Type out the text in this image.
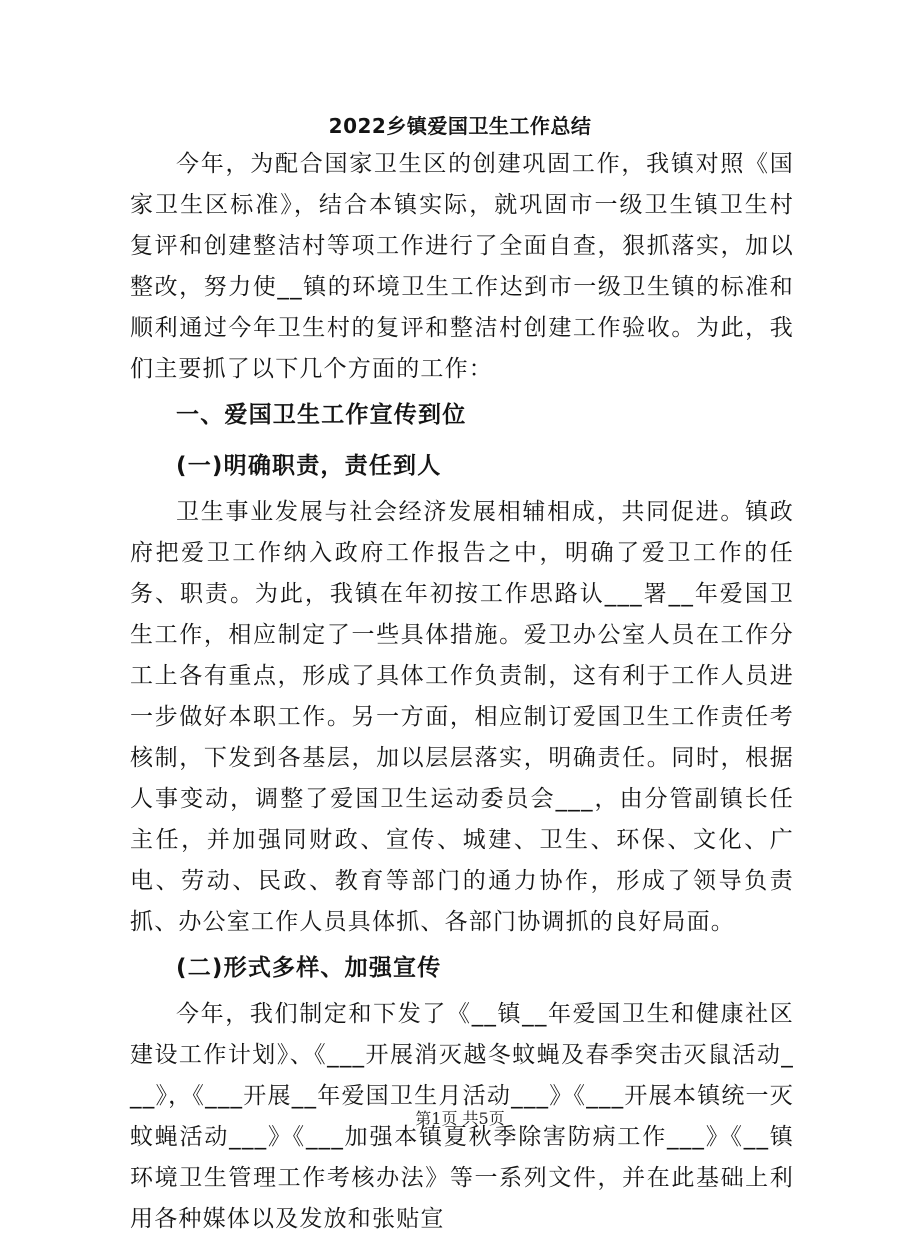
2022乡镇爱国卫生工作总结

今年，为配合国家卫生区的创建巩固工作，我镇对照《国家卫生区标准》，结合本镇实际，就巩固市一级卫生镇卫生村复评和创建整洁村等项工作进行了全面自查，狠抓落实，加以整改，努力使__镇的环境卫生工作达到市一级卫生镇的标准和顺利通过今年卫生村的复评和整洁村创建工作验收。为此，我们主要抓了以下几个方面的工作：

一、爱国卫生工作宣传到位

(一)明确职责，责任到人

卫生事业发展与社会经济发展相辅相成，共同促进。镇政府把爱卫工作纳入政府工作报告之中，明确了爱卫工作的任务、职责。为此，我镇在年初按工作思路认___署__年爱国卫生工作，相应制定了一些具体措施。爱卫办公室人员在工作分工上各有重点，形成了具体工作负责制，这有利于工作人员进一步做好本职工作。另一方面，相应制订爱国卫生工作责任考核制，下发到各基层，加以层层落实，明确责任。同时，根据人事变动，调整了爱国卫生运动委员会___，由分管副镇长任主任，并加强同财政、宣传、城建、卫生、环保、文化、广电、劳动、民政、教育等部门的通力协作，形成了领导负责抓、办公室工作人员具体抓、各部门协调抓的良好局面。

(二)形式多样、加强宣传

今年，我们制定和下发了《__镇__年爱国卫生和健康社区建设工作计划》、《___开展消灭越冬蚊蝇及春季突击灭鼠活动___》，《___开展__年爱国卫生月活动___》《___开展本镇统一灭蚊蝇活动___》《___加强本镇夏秋季除害防病工作___》《__镇环境卫生管理工作考核办法》等一系列文件，并在此基础上利用各种媒体以及发放和张贴宣

第1页 共5页
